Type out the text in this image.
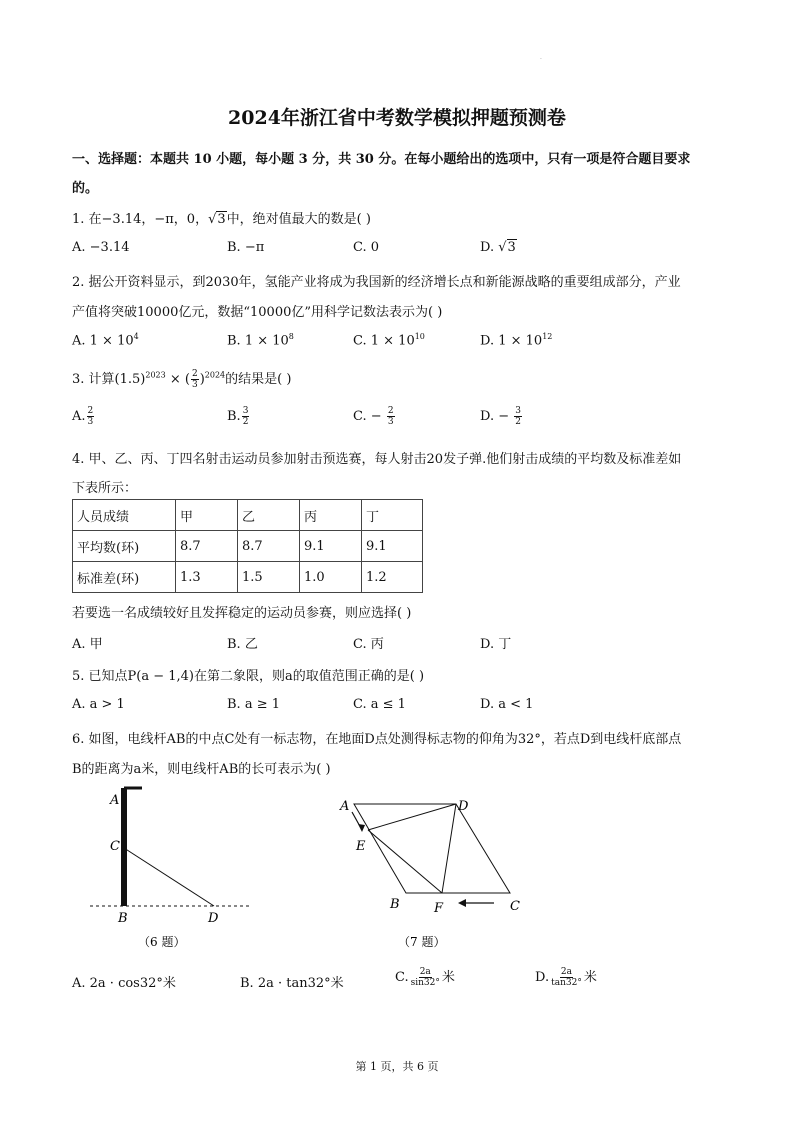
·
2024年浙江省中考数学模拟押题预测卷
一、选择题：本题共 10 小题，每小题 3 分，共 30 分。在每小题给出的选项中，只有一项是符合题目要求
的。
1. 在−3.14，−π，0，√3中，绝对值最大的数是( )
A. −3.14	B. −π	C. 0	D. √3
2. 据公开资料显示，到2030年，氢能产业将成为我国新的经济增长点和新能源战略的重要组成部分，产业
产值将突破10000亿元，数据“10000亿”用科学记数法表示为( )
A. $1 \times 10^4$	B. $1 \times 10^8$	C. $1 \times 10^{10}$	D. $1 \times 10^{12}$
3. 计算$(1.5)^{2023}$ × ( $\frac{2}{3} )^{2024}$的结果是( )
A. $\frac{2}{3}$	B. $\frac{3}{2}$	C. − $\frac{2}{3}$	D. − $\frac{3}{2}$
4. 甲、乙、丙、丁四名射击运动员参加射击预选赛，每人射击20发子弹.他们射击成绩的平均数及标准差如
下表所示：
人员成绩	甲	乙	丙	丁
平均数(环)	8.7	8.7	9.1	9.1
标准差(环)	1.3	1.5	1.0	1.2
若要选一名成绩较好且发挥稳定的运动员参赛，则应选择( )
A. 甲	B. 乙	C. 丙	D. 丁
5. 已知点P(a − 1,4)在第二象限，则a的取值范围正确的是( )
A. a > 1	B. a ≥ 1	C. a ≤ 1	D. a < 1
6. 如图，电线杆AB的中点C处有一标志物，在地面D点处测得标志物的仰角为32°，若点D到电线杆底部点
B的距离为a米，则电线杆AB的长可表示为( )
A
C
B	D
（6 题）
A	D
E
B	F	C
（7 题）
A. 2a · cos32°米	B. 2a · tan32°米	C. $\frac{2a}{\sin 32^\circ}$ 米	D. $\frac{2a}{\tan 32^\circ}$ 米
第 1 页，共 6 页
